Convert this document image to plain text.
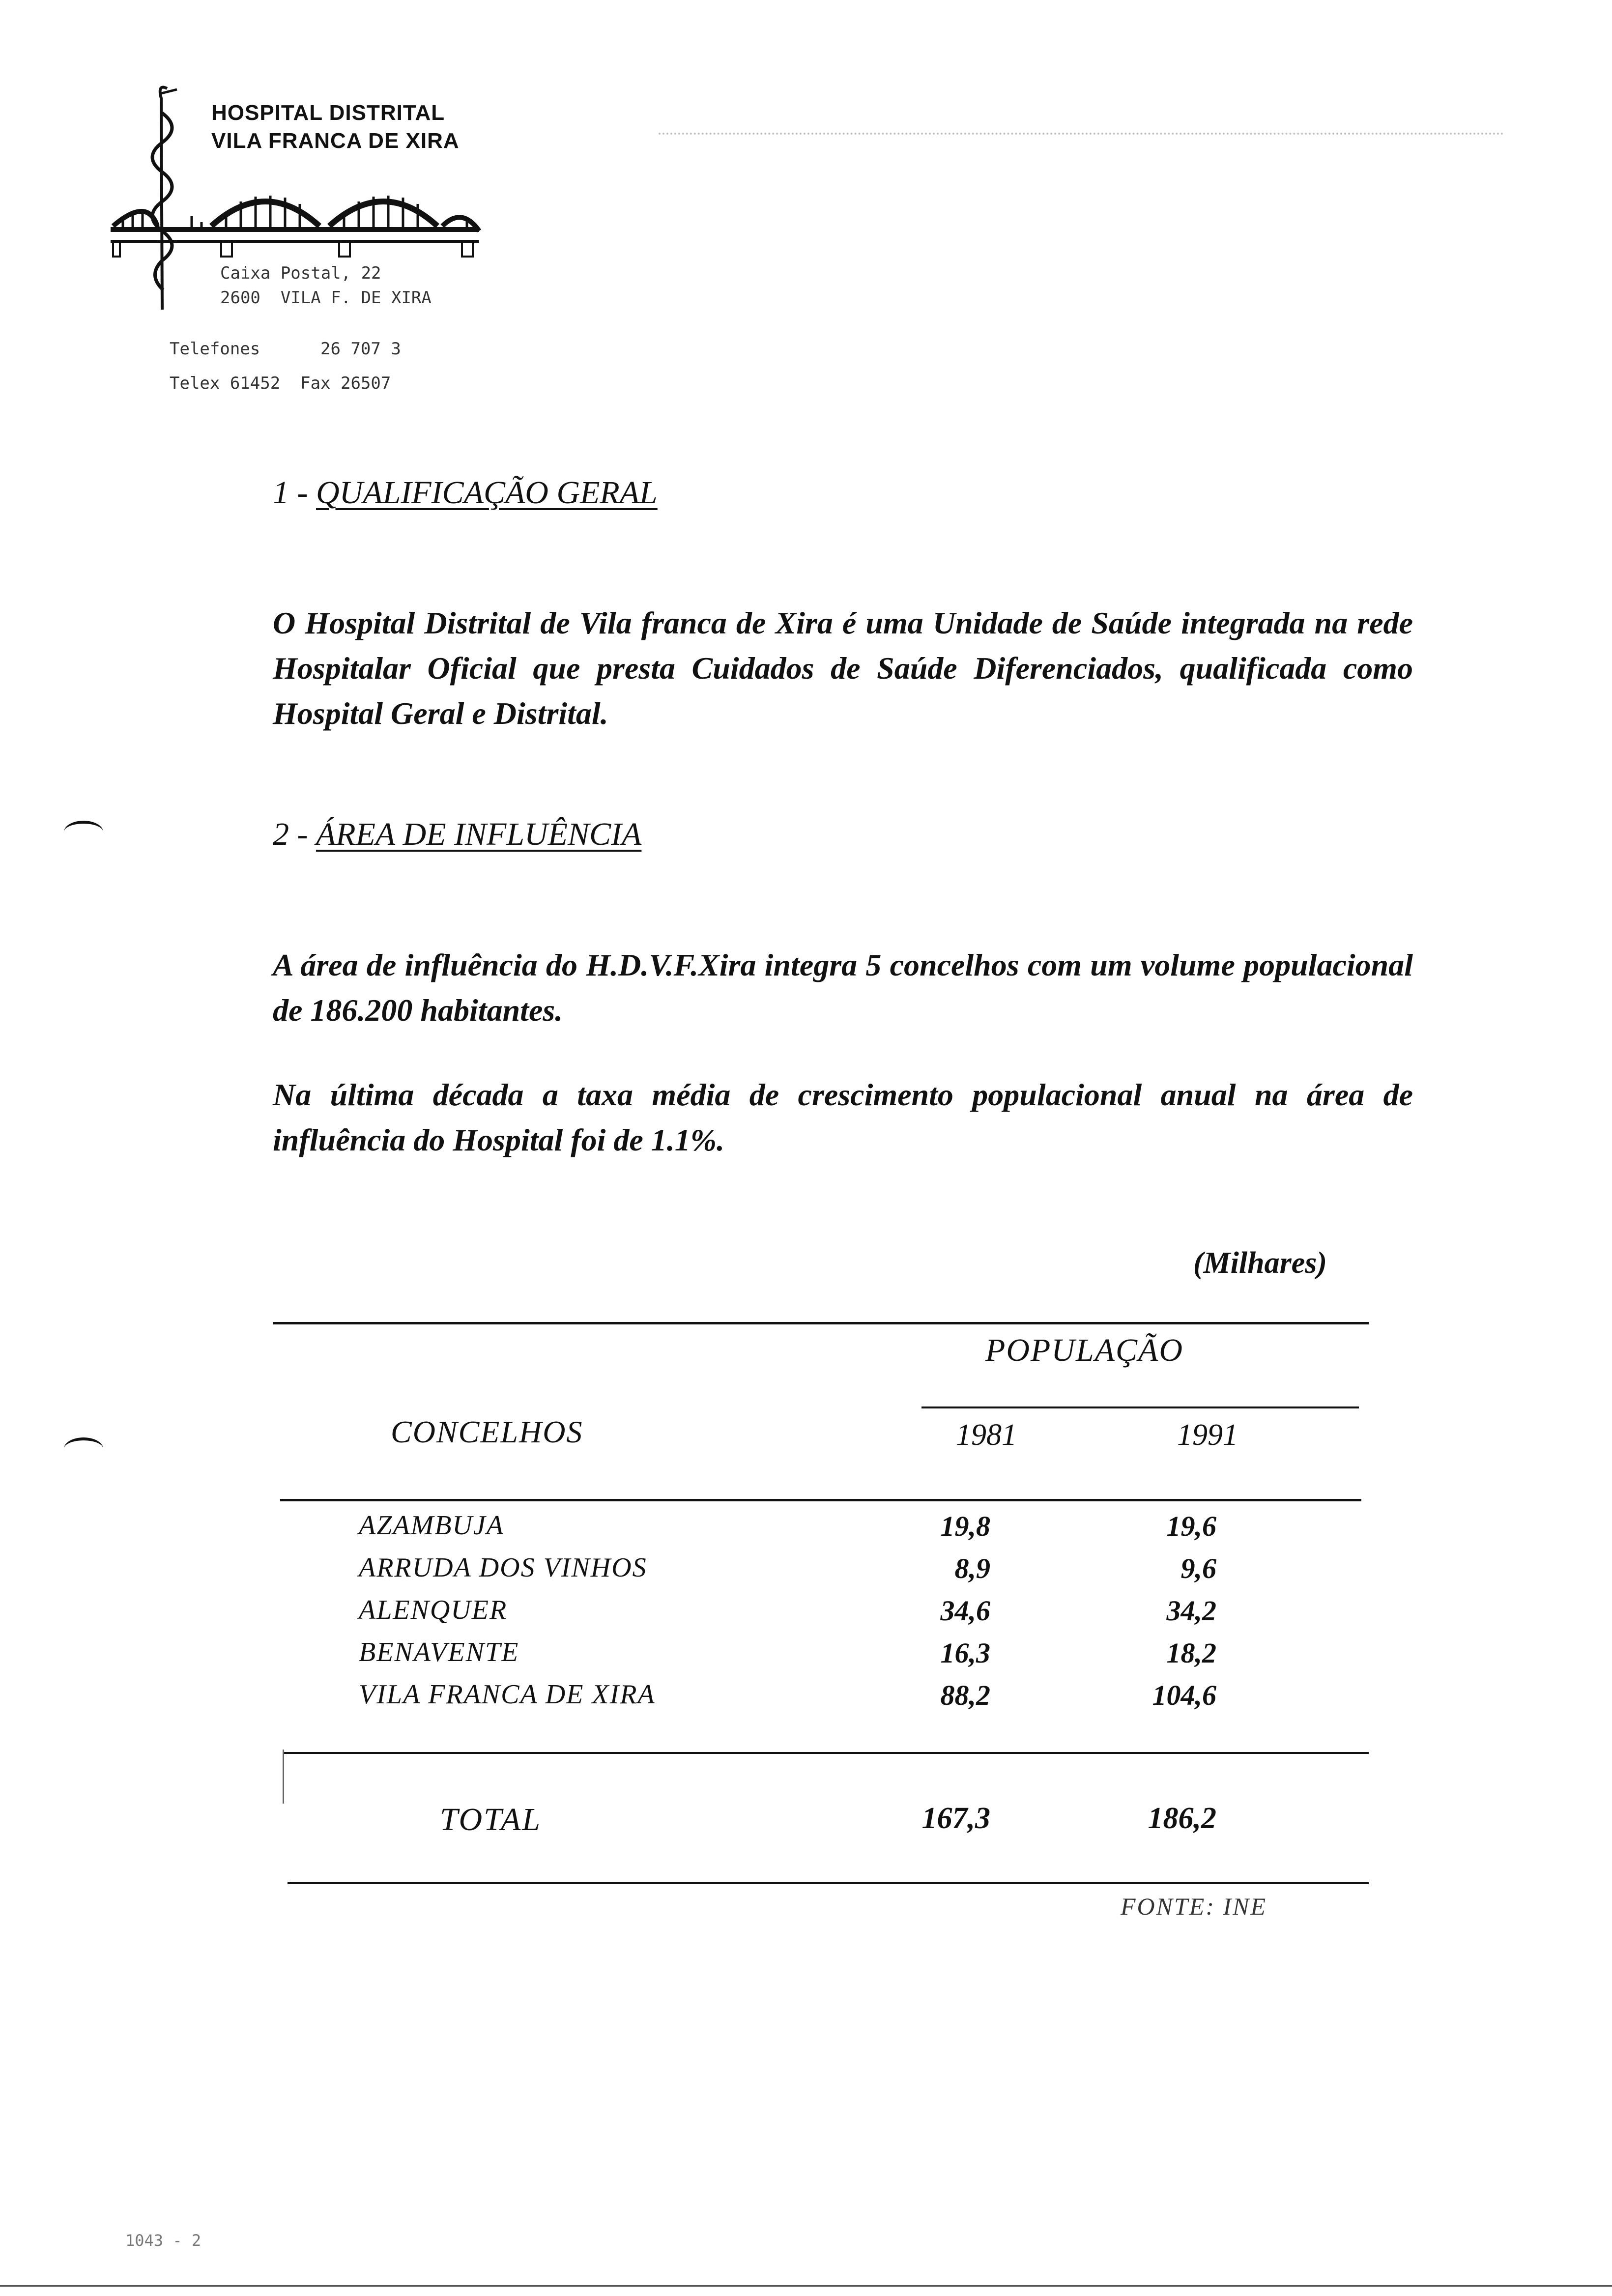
HOSPITAL DISTRITAL
VILA FRANCA DE XIRA
Caixa Postal, 22
2600  VILA F. DE XIRA
Telefones      26 707 3
Telex 61452  Fax 26507
1 - QUALIFICAÇÃO GERAL
O Hospital Distrital de Vila franca de Xira é uma Unidade de Saúde integrada na rede Hospitalar Oficial que presta Cuidados de Saúde Diferenciados, qualificada como Hospital Geral e Distrital.
2 - ÁREA DE INFLUÊNCIA
A área de influência do H.D.V.F.Xira integra 5 concelhos com um volume populacional de 186.200 habitantes.
Na última década a taxa média de crescimento populacional anual na área de influência do Hospital foi de 1.1%.
(Milhares)
POPULAÇÃO
CONCELHOS	1981	1991
AZAMBUJA	19,8	19,6
ARRUDA DOS VINHOS	8,9	9,6
ALENQUER	34,6	34,2
BENAVENTE	16,3	18,2
VILA FRANCA DE XIRA	88,2	104,6
TOTAL	167,3	186,2
FONTE: INE
1043 - 2
